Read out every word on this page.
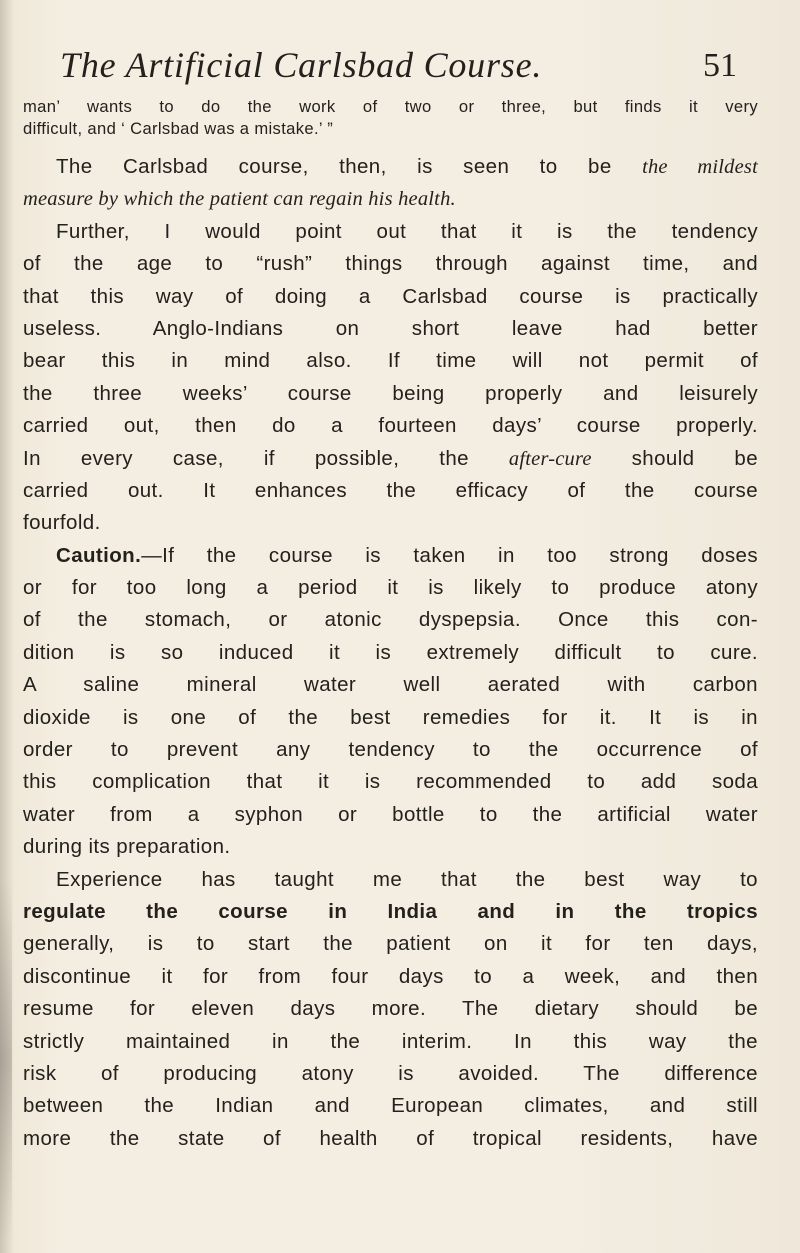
The Artificial Carlsbad Course.	51
man’ wants to do the work of two or three, but finds it very
difficult, and ‘ Carlsbad was a mistake.’ ”
The Carlsbad course, then, is seen to be the mildest
measure by which the patient can regain his health.
Further, I would point out that it is the tendency
of the age to “rush” things through against time, and
that this way of doing a Carlsbad course is practically
useless. Anglo-Indians on short leave had better
bear this in mind also. If time will not permit of
the three weeks’ course being properly and leisurely
carried out, then do a fourteen days’ course properly.
In every case, if possible, the after-cure should be
carried out. It enhances the efficacy of the course
fourfold.
Caution.—If the course is taken in too strong doses
or for too long a period it is likely to produce atony
of the stomach, or atonic dyspepsia. Once this con-
dition is so induced it is extremely difficult to cure.
A saline mineral water well aerated with carbon
dioxide is one of the best remedies for it. It is in
order to prevent any tendency to the occurrence of
this complication that it is recommended to add soda
water from a syphon or bottle to the artificial water
during its preparation.
Experience has taught me that the best way to
regulate the course in India and in the tropics
generally, is to start the patient on it for ten days,
discontinue it for from four days to a week, and then
resume for eleven days more. The dietary should be
strictly maintained in the interim. In this way the
risk of producing atony is avoided. The difference
between the Indian and European climates, and still
more the state of health of tropical residents, have
